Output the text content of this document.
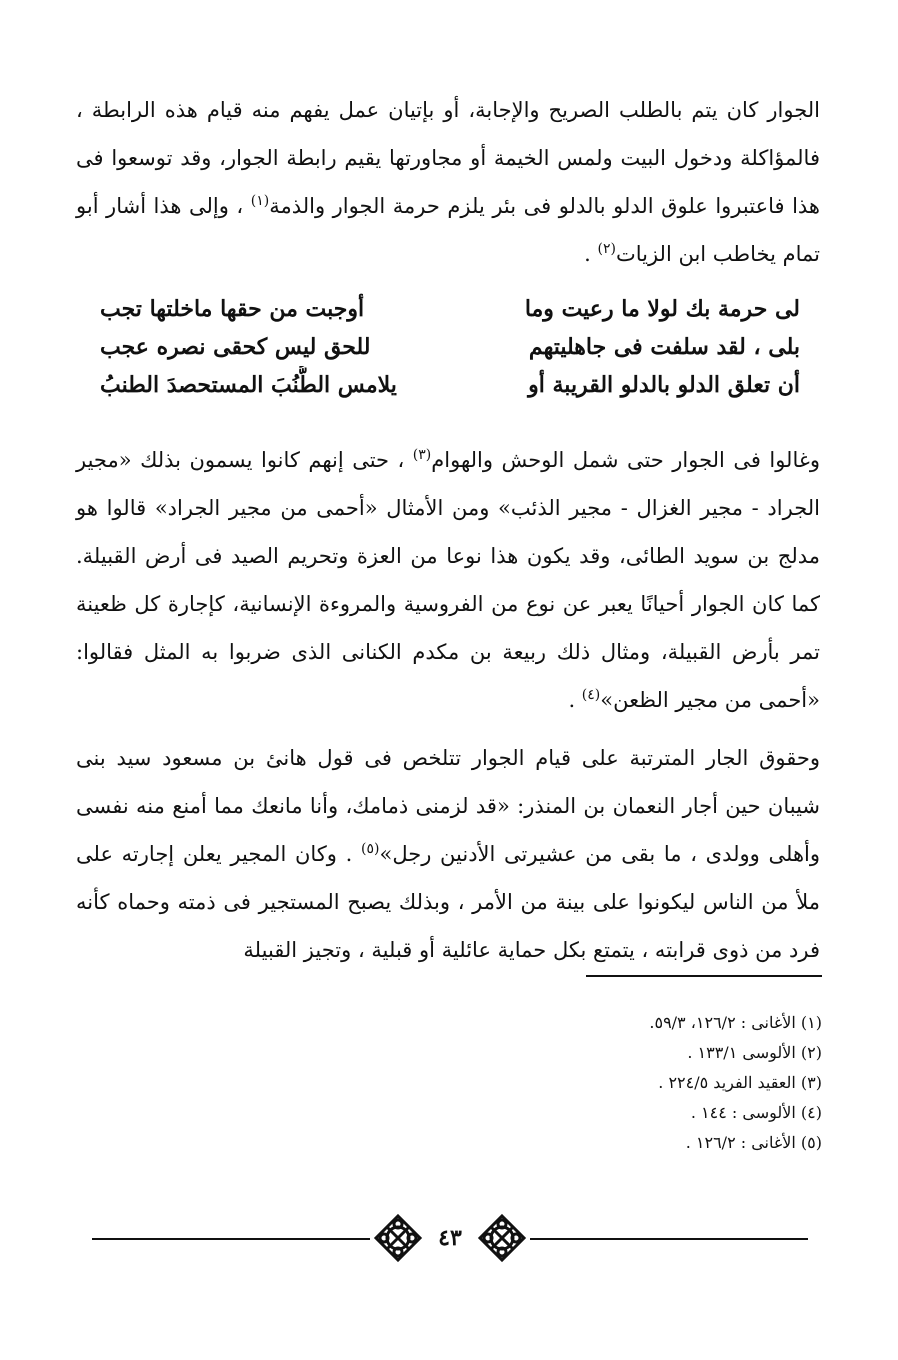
الجوار كان يتم بالطلب الصريح والإجابة، أو بإتيان عمل يفهم منه قيام هذه الرابطة ، فالمؤاكلة ودخول البيت ولمس الخيمة أو مجاورتها يقيم رابطة الجوار، وقد توسعوا فى هذا فاعتبروا علوق الدلو بالدلو فى بئر يلزم حرمة الجوار والذمة$^{(١)}$ ، وإلى هذا أشار أبو تمام يخاطب ابن الزيات$^{(٢)}$ .

لى حرمة بك لولا ما رعيت وما
أوجبت من حقها ماخلتها تجب
بلى ، لقد سلفت فى جاهليتهم
للحق ليس كحقى نصره عجب
أن تعلق الدلو بالدلو القريبة أو
يلامس الطُّنُبَ المستحصدَ الطنبُ

وغالوا فى الجوار حتى شمل الوحش والهوام$^{(٣)}$ ، حتى إنهم كانوا يسمون بذلك «مجير الجراد - مجير الغزال - مجير الذئب» ومن الأمثال «أحمى من مجير الجراد» قالوا هو مدلج بن سويد الطائى، وقد يكون هذا نوعا من العزة وتحريم الصيد فى أرض القبيلة. كما كان الجوار أحيانًا يعبر عن نوع من الفروسية والمروءة الإنسانية، كإجارة كل ظعينة تمر بأرض القبيلة، ومثال ذلك ربيعة بن مكدم الكنانى الذى ضربوا به المثل فقالوا: «أحمى من مجير الظعن»$^{(٤)}$ .

وحقوق الجار المترتبة على قيام الجوار تتلخص فى قول هانئ بن مسعود سيد بنى شيبان حين أجار النعمان بن المنذر: «قد لزمنى ذمامك، وأنا مانعك مما أمنع منه نفسى وأهلى وولدى ، ما بقى من عشيرتى الأدنين رجل»$^{(٥)}$ . وكان المجير يعلن إجارته على ملأ من الناس ليكونوا على بينة من الأمر ، وبذلك يصبح المستجير فى ذمته وحماه كأنه فرد من ذوى قرابته ، يتمتع بكل حماية عائلية أو قبلية ، وتجيز القبيلة

(١) الأغانى : ١٢٦/٢، ٥٩/٣.
(٢) الألوسى ١٣٣/١ .
(٣) العقيد الفريد ٢٢٤/٥ .
(٤) الألوسى : ١٤٤ .
(٥) الأغانى : ١٢٦/٢ .
٤٣
